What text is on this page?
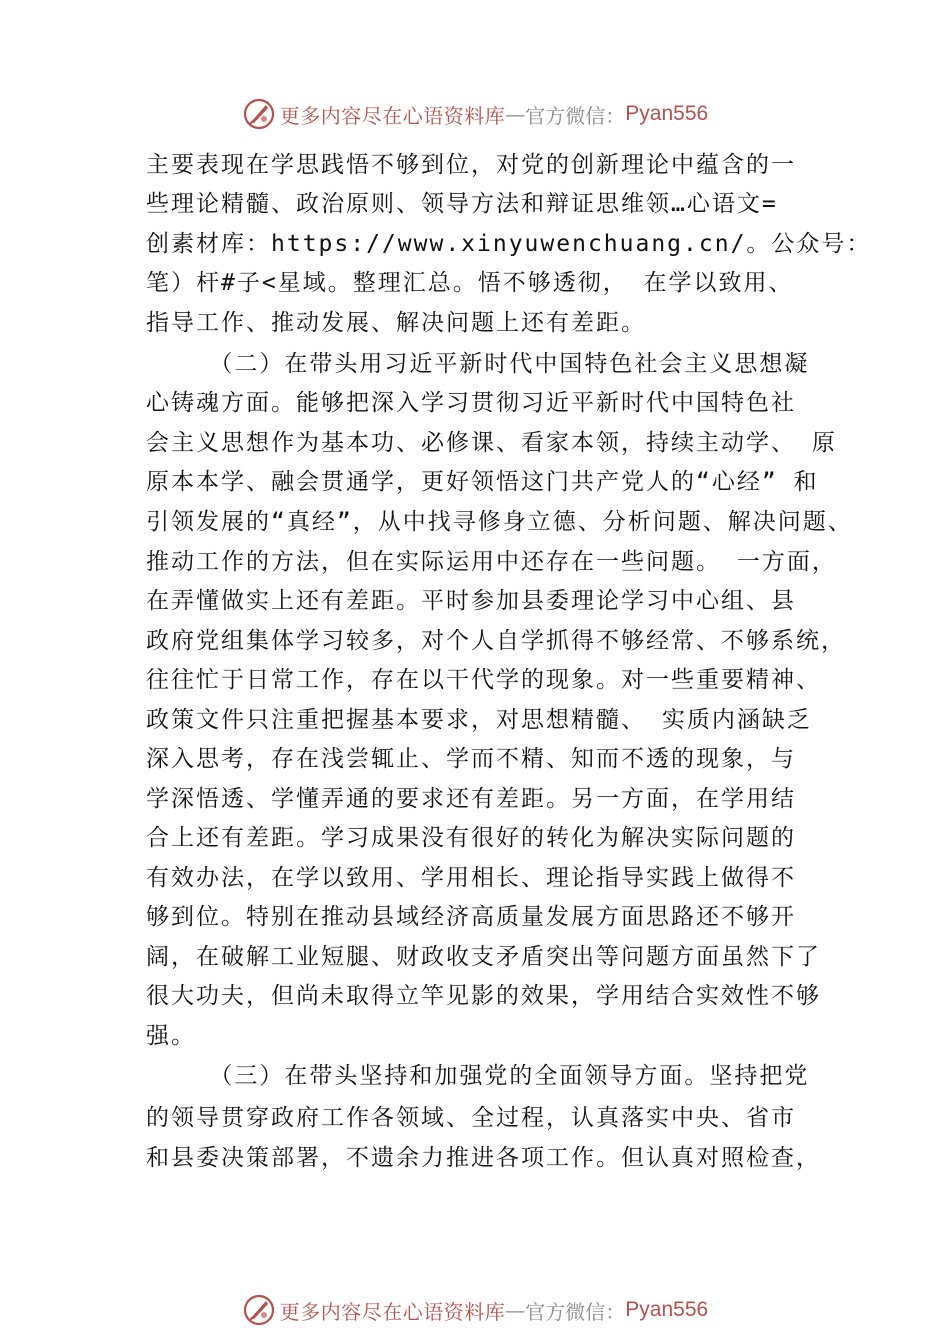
更多内容尽在心语资料库 — 官方微信： Pyan556
主要表现在学思践悟不够到位，对党的创新理论中蕴含的一
些理论精髓、政治原则、领导方法和辩证思维领…心语文=
创素材库：https://www.xinyuwenchuang.cn/。公众号：
笔）杆#子<星域。整理汇总。悟不够透彻， 在学以致用、
指导工作、推动发展、解决问题上还有差距。
（二）在带头用习近平新时代中国特色社会主义思想凝
心铸魂方面。能够把深入学习贯彻习近平新时代中国特色社
会主义思想作为基本功、必修课、看家本领，持续主动学、 原
原本本学、融会贯通学，更好领悟这门共产党人的“心经” 和
引领发展的“真经”，从中找寻修身立德、分析问题、解决问题、
推动工作的方法，但在实际运用中还存在一些问题。 一方面，
在弄懂做实上还有差距。平时参加县委理论学习中心组、县
政府党组集体学习较多，对个人自学抓得不够经常、不够系统，
往往忙于日常工作，存在以干代学的现象。对一些重要精神、
政策文件只注重把握基本要求，对思想精髓、 实质内涵缺乏
深入思考，存在浅尝辄止、学而不精、知而不透的现象，与
学深悟透、学懂弄通的要求还有差距。另一方面，在学用结
合上还有差距。学习成果没有很好的转化为解决实际问题的
有效办法，在学以致用、学用相长、理论指导实践上做得不
够到位。特别在推动县域经济高质量发展方面思路还不够开
阔，在破解工业短腿、财政收支矛盾突出等问题方面虽然下了
很大功夫，但尚未取得立竿见影的效果，学用结合实效性不够
强。
（三）在带头坚持和加强党的全面领导方面。坚持把党
的领导贯穿政府工作各领域、全过程，认真落实中央、省市
和县委决策部署，不遗余力推进各项工作。但认真对照检查，
更多内容尽在心语资料库 — 官方微信： Pyan556
